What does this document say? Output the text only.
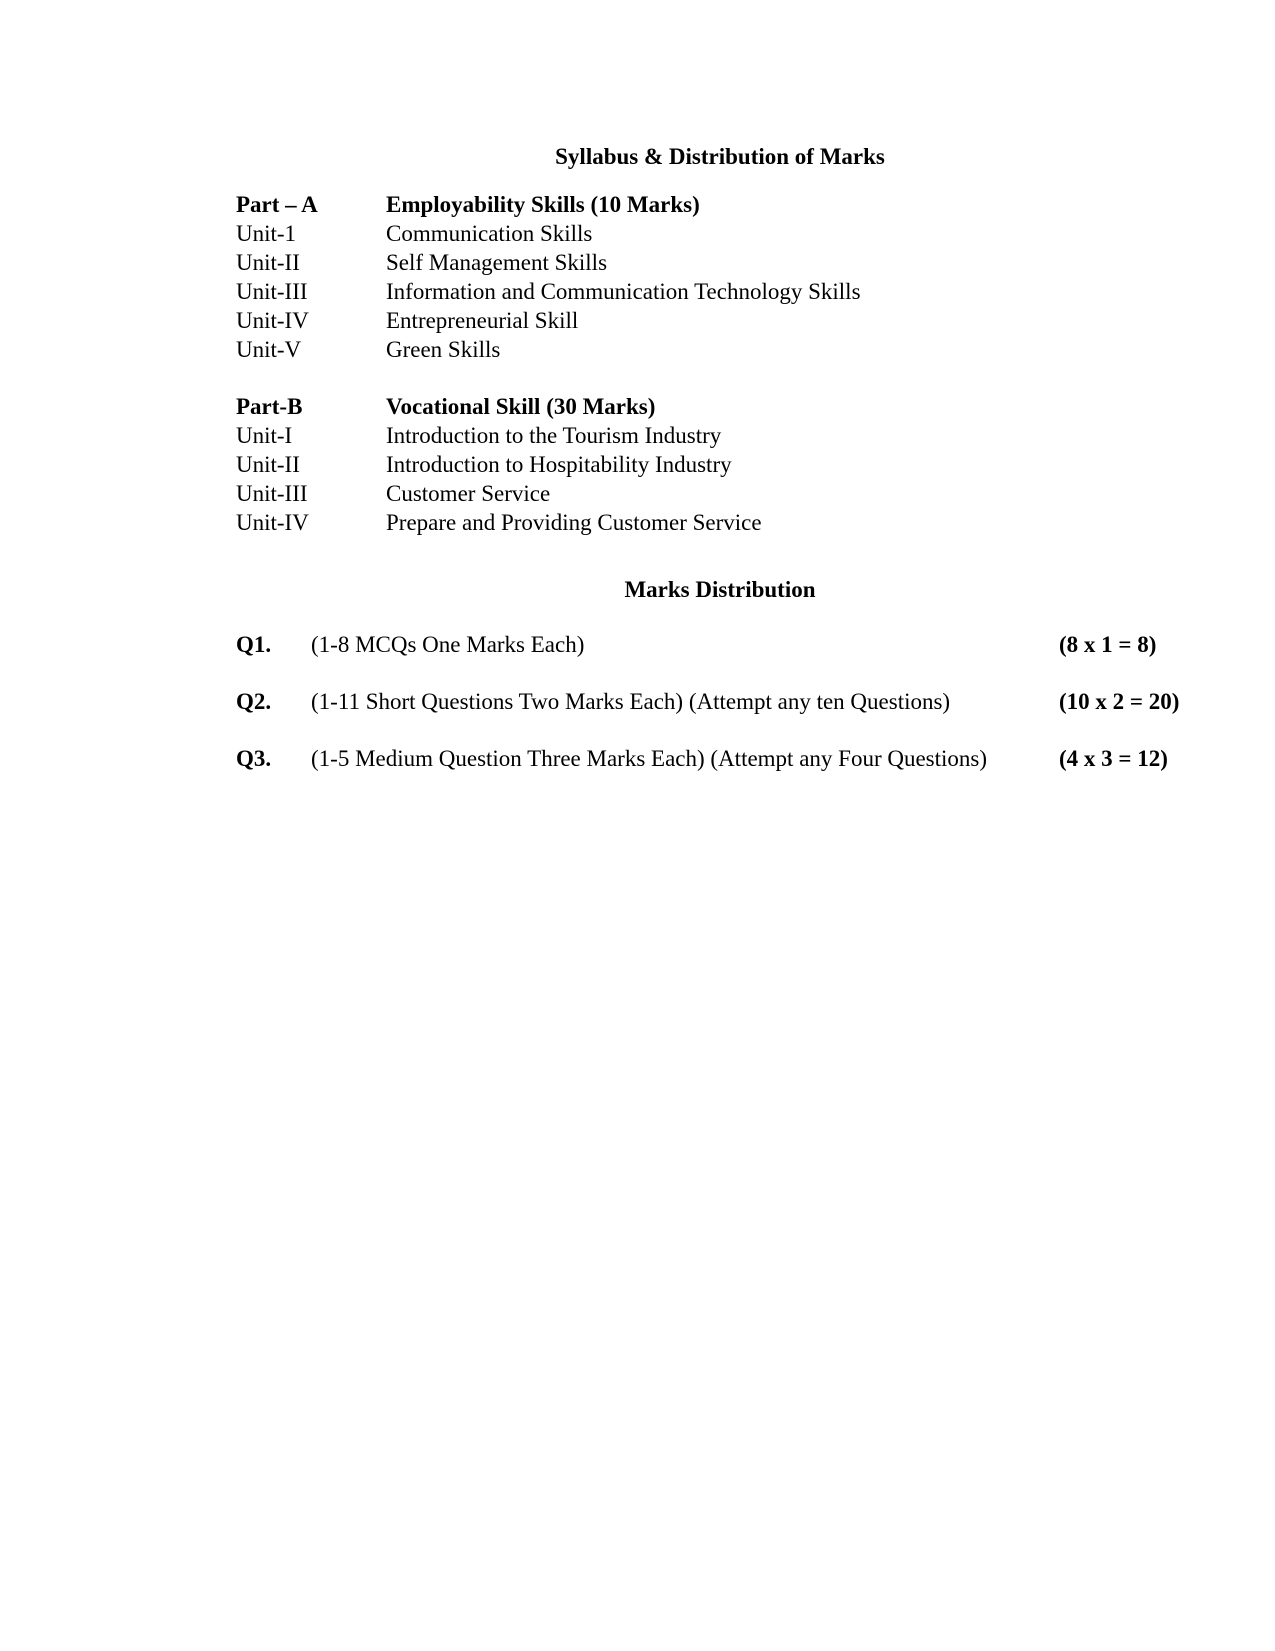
Syllabus & Distribution of Marks
Part – A	Employability Skills (10 Marks)
Unit-1	Communication Skills
Unit-II	Self Management Skills
Unit-III	Information and Communication Technology Skills
Unit-IV	Entrepreneurial Skill
Unit-V	Green Skills
Part-B	Vocational Skill (30 Marks)
Unit-I	Introduction to the Tourism Industry
Unit-II	Introduction to Hospitability Industry
Unit-III	Customer Service
Unit-IV	Prepare and Providing Customer Service
Marks Distribution
Q1. (1-8 MCQs One Marks Each)	(8 x 1 = 8)
Q2. (1-11 Short Questions Two Marks Each) (Attempt any ten Questions)	(10 x 2 = 20)
Q3. (1-5 Medium Question Three Marks Each) (Attempt any Four Questions)	(4 x 3 = 12)
